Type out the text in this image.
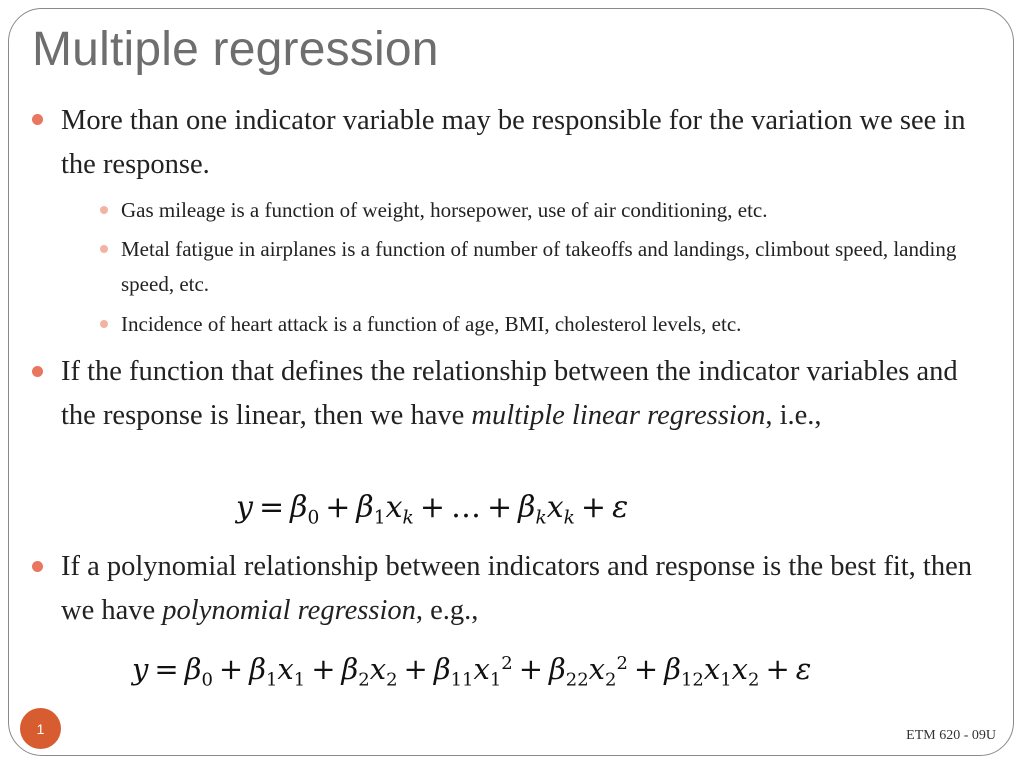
Multiple regression
More than one indicator variable may be responsible for the variation we see in the response.
Gas mileage is a function of weight, horsepower, use of air conditioning, etc.
Metal fatigue in airplanes is a function of number of takeoffs and landings, climbout speed, landing speed, etc.
Incidence of heart attack is a function of age, BMI, cholesterol levels, etc.
If the function that defines the relationship between the indicator variables and the response is linear, then we have multiple linear regression, i.e.,
$y = \beta_0 + \beta_1x_k$ + … + $\beta_kx_k + \varepsilon$
If a polynomial relationship between indicators and response is the best fit, then we have polynomial regression, e.g.,
$y = \beta_0 + \beta_1x_1 + \beta_2x_2 + \beta_{11}x_1^2 + \beta_{22}x_2^2 + \beta_{12}x_1x_2 + \varepsilon$
1	ETM 620 - 09U
